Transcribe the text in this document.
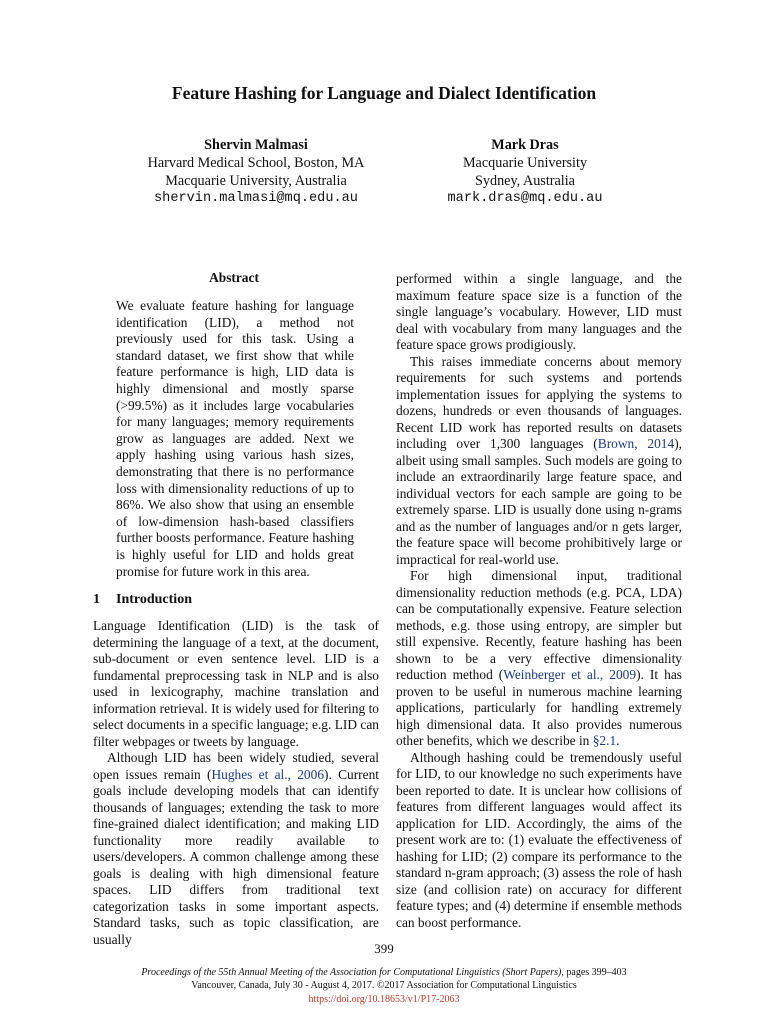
Feature Hashing for Language and Dialect Identification
Shervin Malmasi
Harvard Medical School, Boston, MA
Macquarie University, Australia
shervin.malmasi@mq.edu.au
Mark Dras
Macquarie University
Sydney, Australia
mark.dras@mq.edu.au
Abstract

We evaluate feature hashing for language identification (LID), a method not previously used for this task. Using a standard dataset, we first show that while feature performance is high, LID data is highly dimensional and mostly sparse (>99.5%) as it includes large vocabularies for many languages; memory requirements grow as languages are added. Next we apply hashing using various hash sizes, demonstrating that there is no performance loss with dimensionality reductions of up to 86%. We also show that using an ensemble of low-dimension hash-based classifiers further boosts performance. Feature hashing is highly useful for LID and holds great promise for future work in this area.

1 Introduction

Language Identification (LID) is the task of determining the language of a text, at the document, sub-document or even sentence level. LID is a fundamental preprocessing task in NLP and is also used in lexicography, machine translation and information retrieval. It is widely used for filtering to select documents in a specific language; e.g. LID can filter webpages or tweets by language.

Although LID has been widely studied, several open issues remain (Hughes et al., 2006). Current goals include developing models that can identify thousands of languages; extending the task to more fine-grained dialect identification; and making LID functionality more readily available to users/developers. A common challenge among these goals is dealing with high dimensional feature spaces. LID differs from traditional text categorization tasks in some important aspects. Standard tasks, such as topic classification, are usually

performed within a single language, and the maximum feature space size is a function of the single language’s vocabulary. However, LID must deal with vocabulary from many languages and the feature space grows prodigiously.

This raises immediate concerns about memory requirements for such systems and portends implementation issues for applying the systems to dozens, hundreds or even thousands of languages. Recent LID work has reported results on datasets including over 1,300 languages (Brown, 2014), albeit using small samples. Such models are going to include an extraordinarily large feature space, and individual vectors for each sample are going to be extremely sparse. LID is usually done using n-grams and as the number of languages and/or n gets larger, the feature space will become prohibitively large or impractical for real-world use.

For high dimensional input, traditional dimensionality reduction methods (e.g. PCA, LDA) can be computationally expensive. Feature selection methods, e.g. those using entropy, are simpler but still expensive. Recently, feature hashing has been shown to be a very effective dimensionality reduction method (Weinberger et al., 2009). It has proven to be useful in numerous machine learning applications, particularly for handling extremely high dimensional data. It also provides numerous other benefits, which we describe in §2.1.

Although hashing could be tremendously useful for LID, to our knowledge no such experiments have been reported to date. It is unclear how collisions of features from different languages would affect its application for LID. Accordingly, the aims of the present work are to: (1) evaluate the effectiveness of hashing for LID; (2) compare its performance to the standard n-gram approach; (3) assess the role of hash size (and collision rate) on accuracy for different feature types; and (4) determine if ensemble methods can boost performance.

399
Proceedings of the 55th Annual Meeting of the Association for Computational Linguistics (Short Papers), pages 399–403
Vancouver, Canada, July 30 - August 4, 2017. ©2017 Association for Computational Linguistics
https://doi.org/10.18653/v1/P17-2063
